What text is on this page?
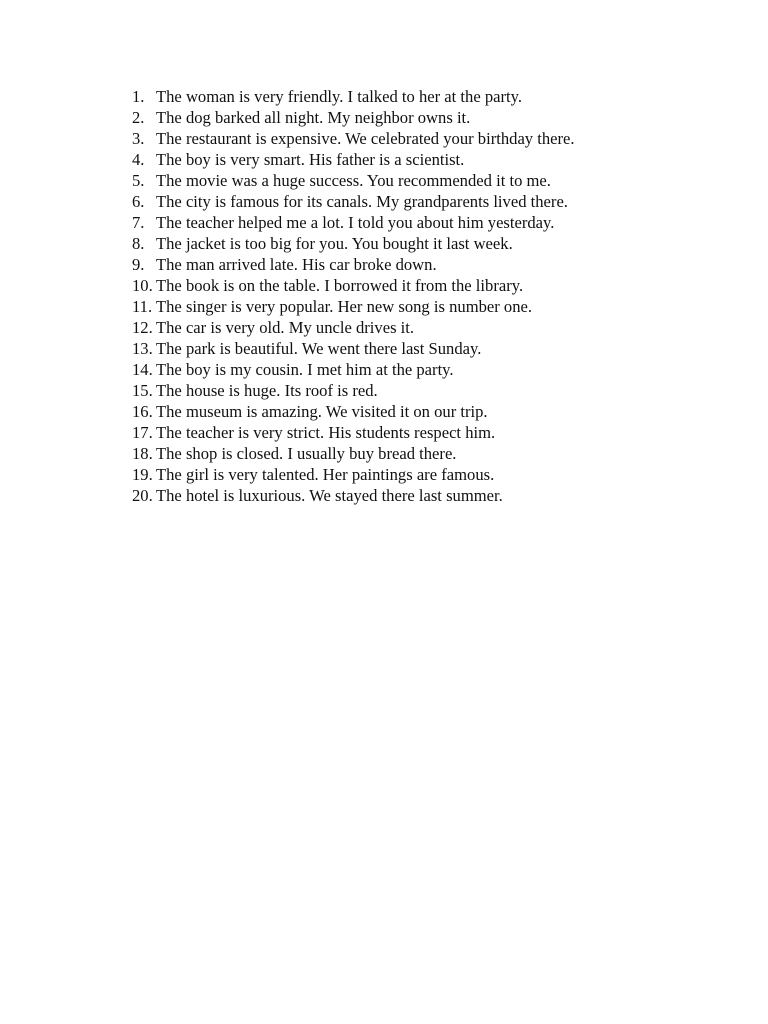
1. The woman is very friendly. I talked to her at the party.
2. The dog barked all night. My neighbor owns it.
3. The restaurant is expensive. We celebrated your birthday there.
4. The boy is very smart. His father is a scientist.
5. The movie was a huge success. You recommended it to me.
6. The city is famous for its canals. My grandparents lived there.
7. The teacher helped me a lot. I told you about him yesterday.
8. The jacket is too big for you. You bought it last week.
9. The man arrived late. His car broke down.
10. The book is on the table. I borrowed it from the library.
11. The singer is very popular. Her new song is number one.
12. The car is very old. My uncle drives it.
13. The park is beautiful. We went there last Sunday.
14. The boy is my cousin. I met him at the party.
15. The house is huge. Its roof is red.
16. The museum is amazing. We visited it on our trip.
17. The teacher is very strict. His students respect him.
18. The shop is closed. I usually buy bread there.
19. The girl is very talented. Her paintings are famous.
20. The hotel is luxurious. We stayed there last summer.
